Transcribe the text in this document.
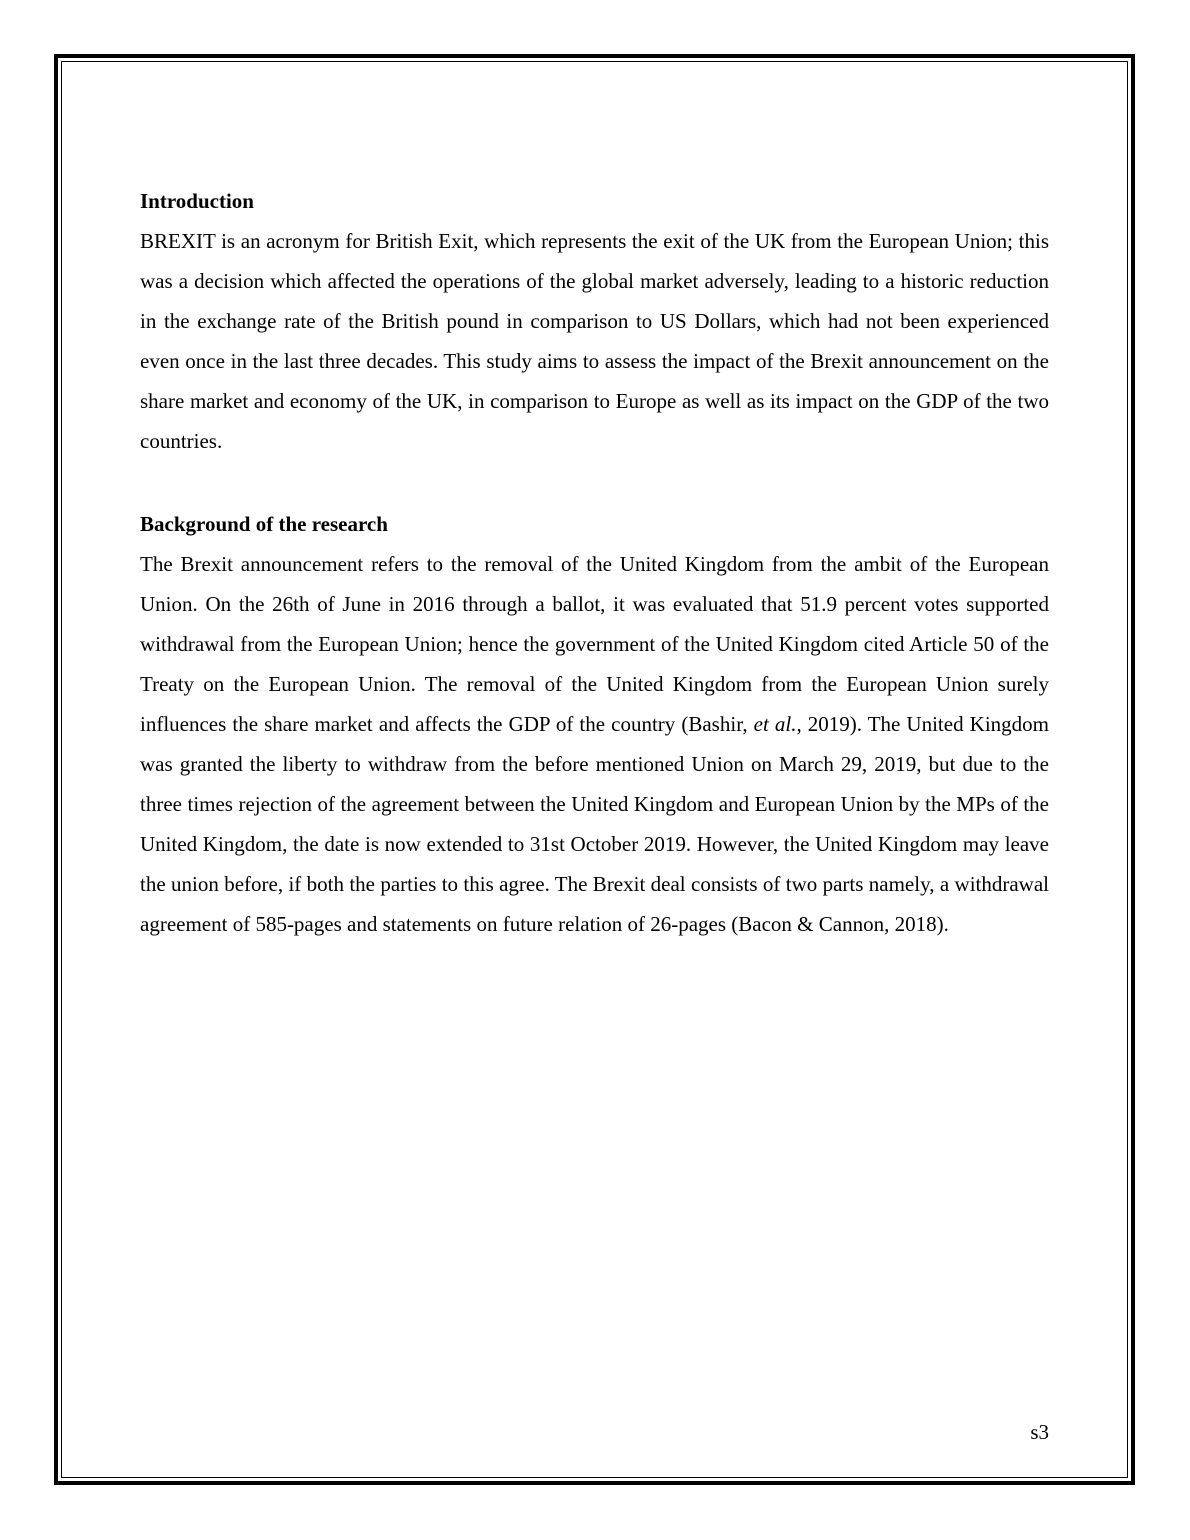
Introduction

BREXIT is an acronym for British Exit, which represents the exit of the UK from the European Union; this was a decision which affected the operations of the global market adversely, leading to a historic reduction in the exchange rate of the British pound in comparison to US Dollars, which had not been experienced even once in the last three decades. This study aims to assess the impact of the Brexit announcement on the share market and economy of the UK, in comparison to Europe as well as its impact on the GDP of the two countries.

Background of the research

The Brexit announcement refers to the removal of the United Kingdom from the ambit of the European Union. On the 26th of June in 2016 through a ballot, it was evaluated that 51.9 percent votes supported withdrawal from the European Union; hence the government of the United Kingdom cited Article 50 of the Treaty on the European Union. The removal of the United Kingdom from the European Union surely influences the share market and affects the GDP of the country (Bashir, et al., 2019). The United Kingdom was granted the liberty to withdraw from the before mentioned Union on March 29, 2019, but due to the three times rejection of the agreement between the United Kingdom and European Union by the MPs of the United Kingdom, the date is now extended to 31st October 2019. However, the United Kingdom may leave the union before, if both the parties to this agree. The Brexit deal consists of two parts namely, a withdrawal agreement of 585-pages and statements on future relation of 26-pages (Bacon & Cannon, 2018).

s3
